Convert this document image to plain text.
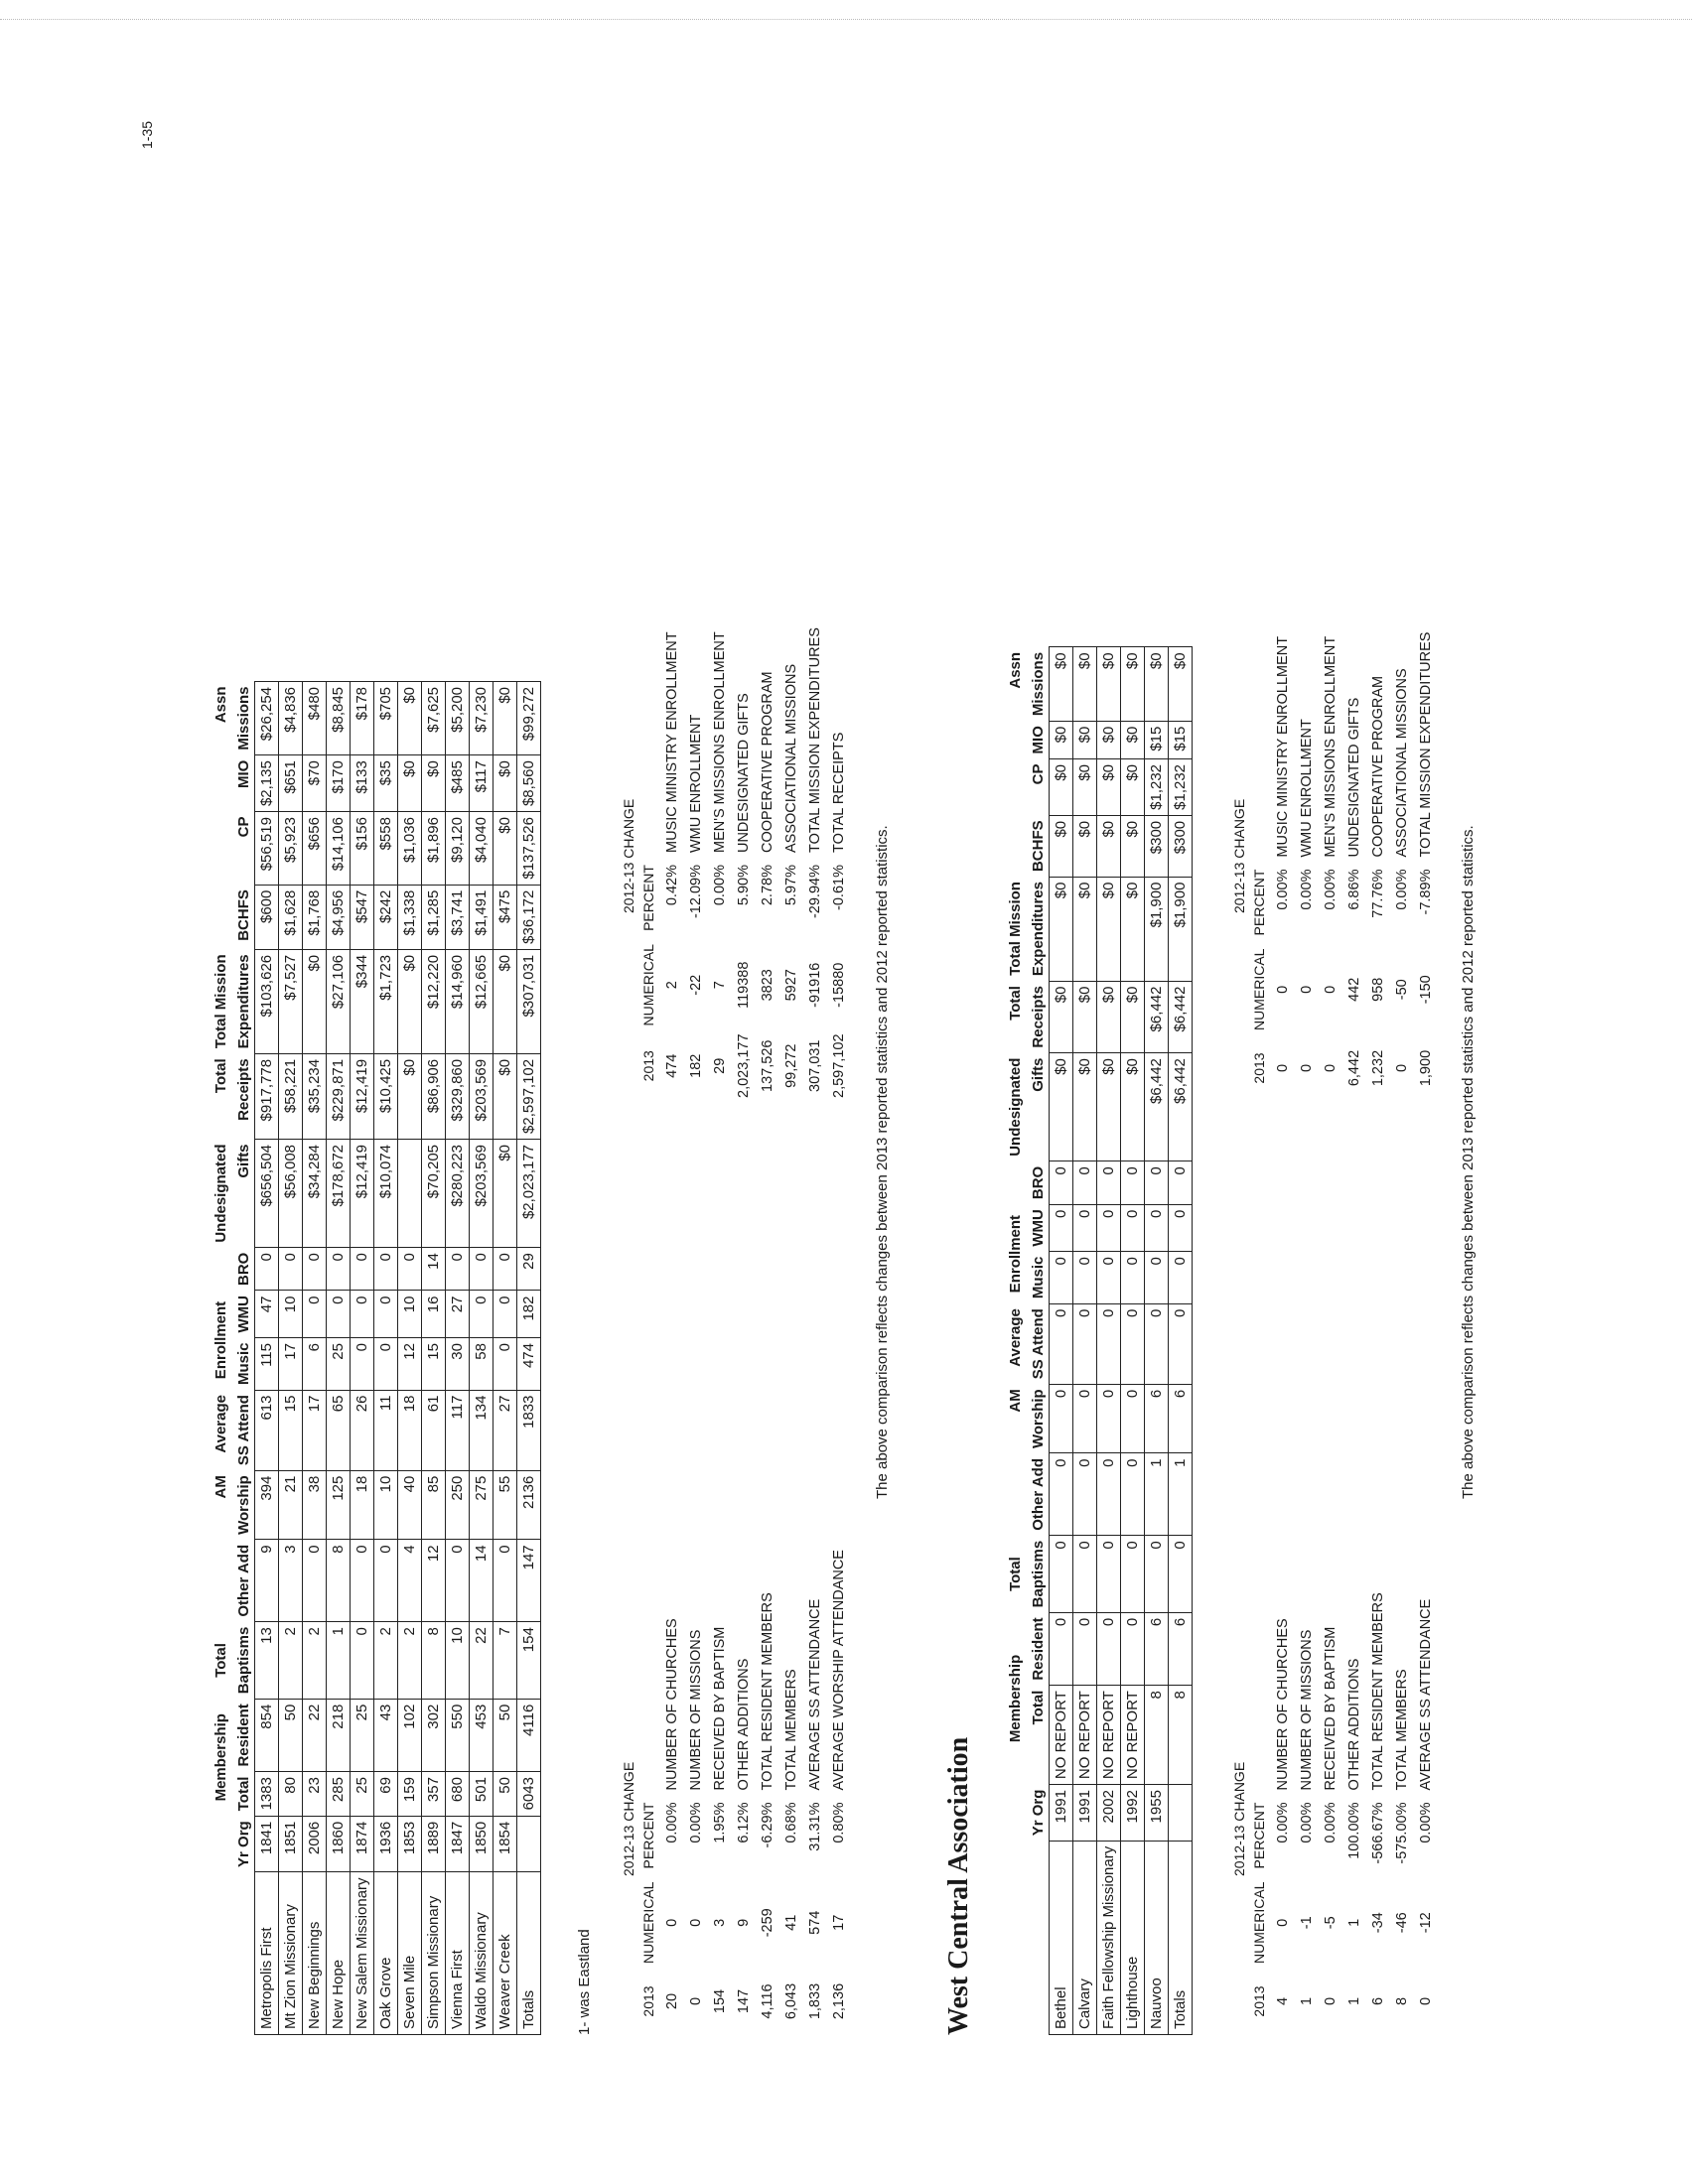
1-35
		Membership		Total		AM	Average	Enrollment			Undesignated	Total	Total Mission				Assn
	Yr Org	Total	Resident	Baptisms	Other Add	Worship	SS Attend	Music	WMU	BRO	Gifts	Receipts	Expenditures	BCHFS	CP	MIO	Missions
Metropolis First	1841	1383	854	13	9	394	613	115	47	0	$656,504	$917,778	$103,626	$600	$56,519	$2,135	$26,254
Mt Zion Missionary	1851	80	50	2	3	21	15	17	10	0	$56,008	$58,221	$7,527	$1,628	$5,923	$651	$4,836
New Beginnings	2006	23	22	2	0	38	17	6	0	0	$34,284	$35,234	$0	$1,768	$656	$70	$480
New Hope	1860	285	218	1	8	125	65	25	0	0	$178,672	$229,871	$27,106	$4,956	$14,106	$170	$8,845
New Salem Missionary	1874	25	25	0	0	18	26	0	0	0	$12,419	$12,419	$344	$547	$156	$133	$178
Oak Grove	1936	69	43	2	0	10	11	0	0	0	$10,074	$10,425	$1,723	$242	$558	$35	$705
Seven Mile	1853	159	102	2	4	40	18	12	10	0		$0	$0	$1,338	$1,036	$0	$0
Simpson Missionary	1889	357	302	8	12	85	61	15	16	14	$70,205	$86,906	$12,220	$1,285	$1,896	$0	$7,625
Vienna First	1847	680	550	10	0	250	117	30	27	0	$280,223	$329,860	$14,960	$3,741	$9,120	$485	$5,200
Waldo Missionary	1850	501	453	22	14	275	134	58	0	0	$203,569	$203,569	$12,665	$1,491	$4,040	$117	$7,230
Weaver Creek	1854	50	50	7	0	55	27	0	0	0	$0	$0	$0	$475	$0	$0	$0
Totals		6043	4116	154	147	2136	1833	474	182	29	$2,023,177	$2,597,102	$307,031	$36,172	$137,526	$8,560	$99,272
1- was Eastland
2012-13 CHANGE
2013	NUMERICAL	PERCENT	
20	0	0.00%	NUMBER OF CHURCHES
0	0	0.00%	NUMBER OF MISSIONS
154	3	1.95%	RECEIVED BY BAPTISM
147	9	6.12%	OTHER ADDITIONS
4,116	-259	-6.29%	TOTAL RESIDENT MEMBERS
6,043	41	0.68%	TOTAL MEMBERS
1,833	574	31.31%	AVERAGE SS ATTENDANCE
2,136	17	0.80%	AVERAGE WORSHIP ATTENDANCE
2012-13 CHANGE
2013	NUMERICAL	PERCENT	
474	2	0.42%	MUSIC MINISTRY ENROLLMENT
182	-22	-12.09%	WMU ENROLLMENT
29	7	0.00%	MEN'S MISSIONS ENROLLMENT
2,023,177	119388	5.90%	UNDESIGNATED GIFTS
137,526	3823	2.78%	COOPERATIVE PROGRAM
99,272	5927	5.97%	ASSOCIATIONAL MISSIONS
307,031	-91916	-29.94%	TOTAL MISSION EXPENDITURES
2,597,102	-15880	-0.61%	TOTAL RECEIPTS
The above comparison reflects changes between 2013 reported statistics and 2012 reported statistics.
West Central Association
		Membership		Total		AM	Average	Enrollment			Undesignated	Total	Total Mission				Assn
	Yr Org	Total	Resident	Baptisms	Other Add	Worship	SS Attend	Music	WMU	BRO	Gifts	Receipts	Expenditures	BCHFS	CP	MIO	Missions
Bethel	1991	NO REPORT	0	0	0	0	0	0	0	0	$0	$0	$0	$0	$0	$0	$0
Calvary	1991	NO REPORT	0	0	0	0	0	0	0	0	$0	$0	$0	$0	$0	$0	$0
Faith Fellowship Missionary	2002	NO REPORT	0	0	0	0	0	0	0	0	$0	$0	$0	$0	$0	$0	$0
Lighthouse	1992	NO REPORT	0	0	0	0	0	0	0	0	$0	$0	$0	$0	$0	$0	$0
Nauvoo	1955	8	6	0	1	6	0	0	0	0	$6,442	$6,442	$1,900	$300	$1,232	$15	$0
Totals		8	6	0	1	6	0	0	0	0	$6,442	$6,442	$1,900	$300	$1,232	$15	$0
2012-13 CHANGE
2013	NUMERICAL	PERCENT	
4	0	0.00%	NUMBER OF CHURCHES
1	-1	0.00%	NUMBER OF MISSIONS
0	-5	0.00%	RECEIVED BY BAPTISM
1	1	100.00%	OTHER ADDITIONS
6	-34	-566.67%	TOTAL RESIDENT MEMBERS
8	-46	-575.00%	TOTAL MEMBERS
0	-12	0.00%	AVERAGE SS ATTENDANCE
2012-13 CHANGE
2013	NUMERICAL	PERCENT	
0	0	0.00%	MUSIC MINISTRY ENROLLMENT
0	0	0.00%	WMU ENROLLMENT
0	0	0.00%	MEN'S MISSIONS ENROLLMENT
6,442	442	6.86%	UNDESIGNATED GIFTS
1,232	958	77.76%	COOPERATIVE PROGRAM
0	-50	0.00%	ASSOCIATIONAL MISSIONS
1,900	-150	-7.89%	TOTAL MISSION EXPENDITURES
The above comparison reflects changes between 2013 reported statistics and 2012 reported statistics.
